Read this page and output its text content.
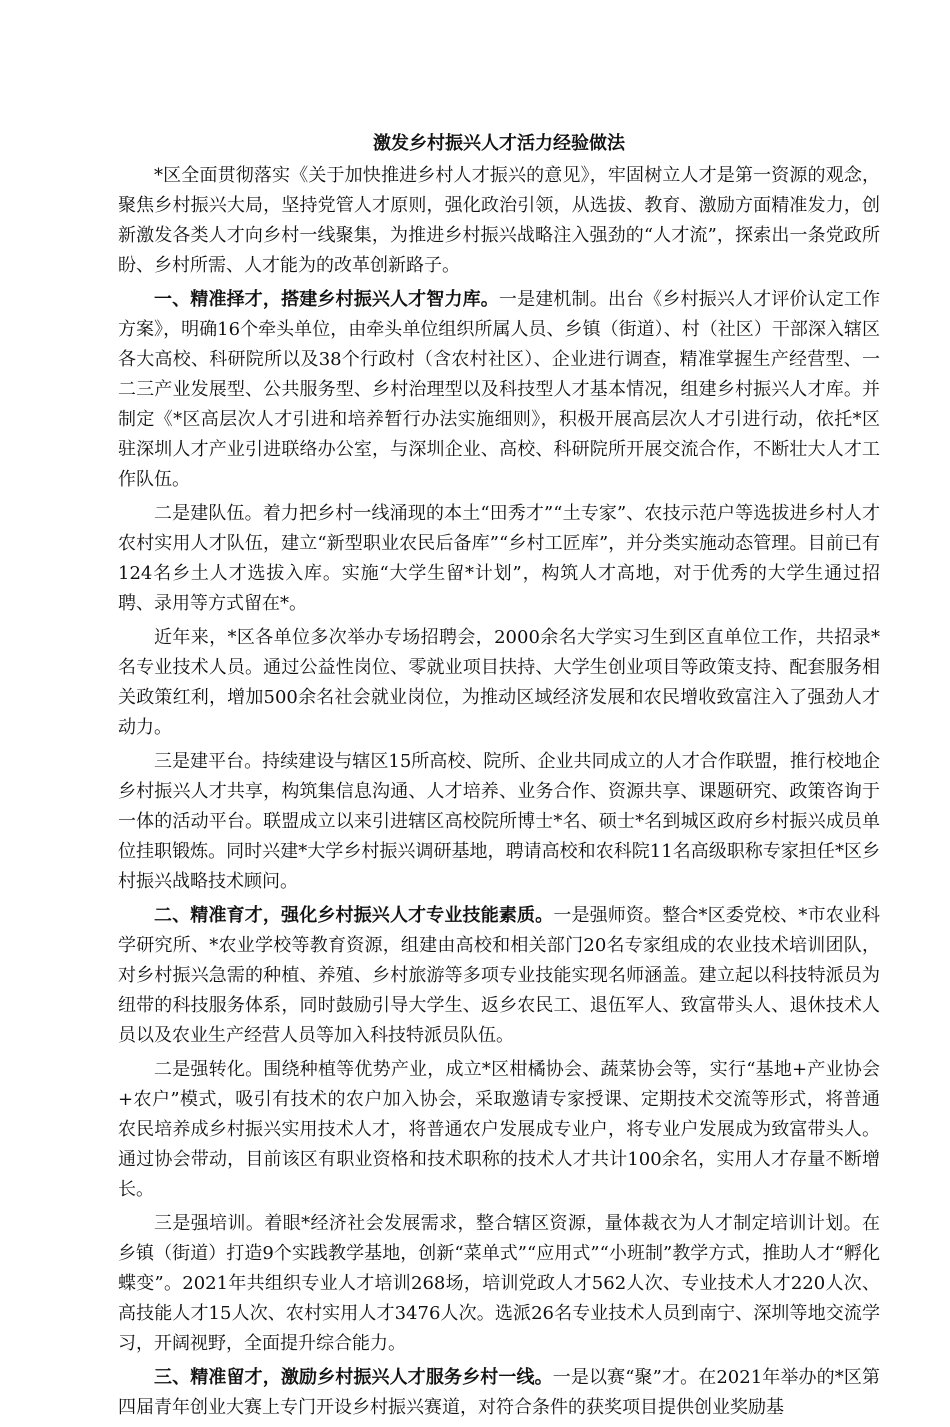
激发乡村振兴人才活力经验做法

*区全面贯彻落实《关于加快推进乡村人才振兴的意见》，牢固树立人才是第一资源的观念，聚焦乡村振兴大局，坚持党管人才原则，强化政治引领，从选拔、教育、激励方面精准发力，创新激发各类人才向乡村一线聚集，为推进乡村振兴战略注入强劲的“人才流”，探索出一条党政所盼、乡村所需、人才能为的改革创新路子。

一、精准择才，搭建乡村振兴人才智力库。一是建机制。出台《乡村振兴人才评价认定工作方案》，明确16个牵头单位，由牵头单位组织所属人员、乡镇（街道）、村（社区）干部深入辖区各大高校、科研院所以及38个行政村（含农村社区）、企业进行调查，精准掌握生产经营型、一二三产业发展型、公共服务型、乡村治理型以及科技型人才基本情况，组建乡村振兴人才库。并制定《*区高层次人才引进和培养暂行办法实施细则》，积极开展高层次人才引进行动，依托*区驻深圳人才产业引进联络办公室，与深圳企业、高校、科研院所开展交流合作，不断壮大人才工作队伍。

二是建队伍。着力把乡村一线涌现的本土“田秀才”“土专家”、农技示范户等选拔进乡村人才农村实用人才队伍，建立“新型职业农民后备库”“乡村工匠库”，并分类实施动态管理。目前已有124名乡土人才选拔入库。实施“大学生留*计划”，构筑人才高地，对于优秀的大学生通过招聘、录用等方式留在*。

近年来，*区各单位多次举办专场招聘会，2000余名大学实习生到区直单位工作，共招录*名专业技术人员。通过公益性岗位、零就业项目扶持、大学生创业项目等政策支持、配套服务相关政策红利，增加500余名社会就业岗位，为推动区域经济发展和农民增收致富注入了强劲人才动力。

三是建平台。持续建设与辖区15所高校、院所、企业共同成立的人才合作联盟，推行校地企乡村振兴人才共享，构筑集信息沟通、人才培养、业务合作、资源共享、课题研究、政策咨询于一体的活动平台。联盟成立以来引进辖区高校院所博士*名、硕士*名到城区政府乡村振兴成员单位挂职锻炼。同时兴建*大学乡村振兴调研基地，聘请高校和农科院11名高级职称专家担任*区乡村振兴战略技术顾问。

二、精准育才，强化乡村振兴人才专业技能素质。一是强师资。整合*区委党校、*市农业科学研究所、*农业学校等教育资源，组建由高校和相关部门20名专家组成的农业技术培训团队，对乡村振兴急需的种植、养殖、乡村旅游等多项专业技能实现名师涵盖。建立起以科技特派员为纽带的科技服务体系，同时鼓励引导大学生、返乡农民工、退伍军人、致富带头人、退休技术人员以及农业生产经营人员等加入科技特派员队伍。

二是强转化。围绕种植等优势产业，成立*区柑橘协会、蔬菜协会等，实行“基地+产业协会+农户”模式，吸引有技术的农户加入协会，采取邀请专家授课、定期技术交流等形式，将普通农民培养成乡村振兴实用技术人才，将普通农户发展成专业户，将专业户发展成为致富带头人。通过协会带动，目前该区有职业资格和技术职称的技术人才共计100余名，实用人才存量不断增长。

三是强培训。着眼*经济社会发展需求，整合辖区资源，量体裁衣为人才制定培训计划。在乡镇（街道）打造9个实践教学基地，创新“菜单式”“应用式”“小班制”教学方式，推助人才“孵化蝶变”。2021年共组织专业人才培训268场，培训党政人才562人次、专业技术人才220人次、高技能人才15人次、农村实用人才3476人次。选派26名专业技术人员到南宁、深圳等地交流学习，开阔视野，全面提升综合能力。

三、精准留才，激励乡村振兴人才服务乡村一线。一是以赛“聚”才。在2021年举办的*区第四届青年创业大赛上专门开设乡村振兴赛道，对符合条件的获奖项目提供创业奖励基
